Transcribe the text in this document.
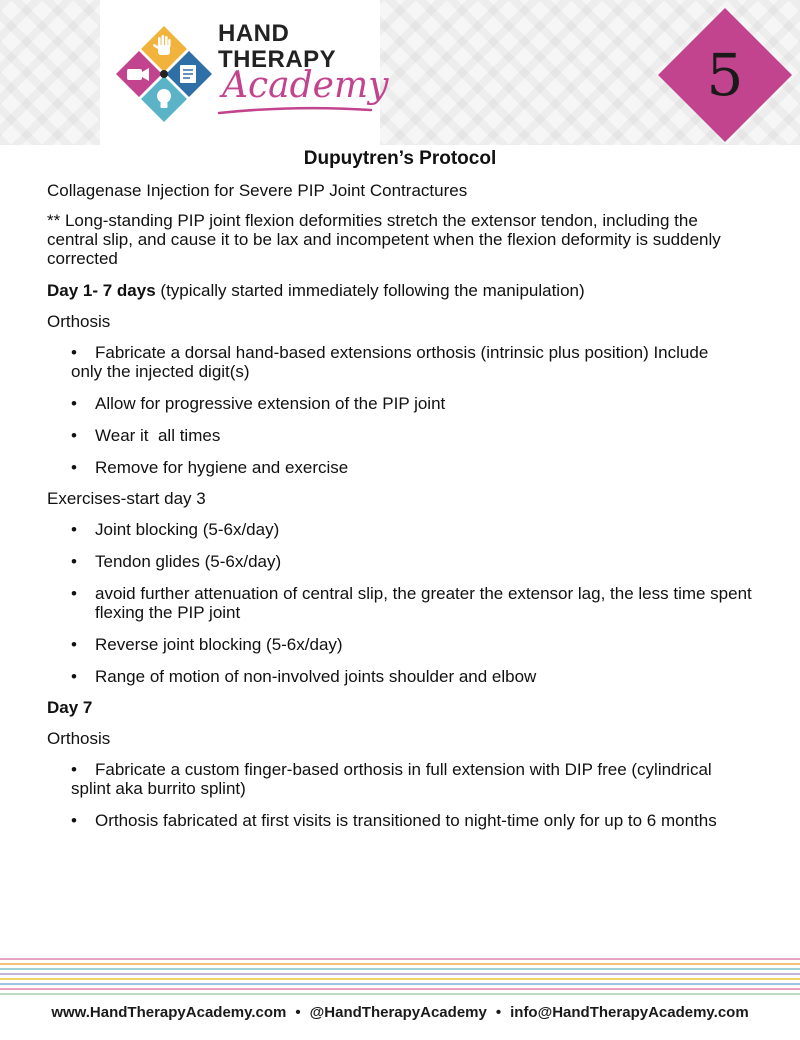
HAND
THERAPY
Academy	5
Dupuytren’s Protocol

Collagenase Injection for Severe PIP Joint Contractures

** Long-standing PIP joint flexion deformities stretch the extensor tendon, including the central slip, and cause it to be lax and incompetent when the flexion deformity is suddenly corrected

Day 1- 7 days (typically started immediately following the manipulation)

Orthosis

• Fabricate a dorsal hand-based extensions orthosis (intrinsic plus position) Include only the injected digit(s)

• Allow for progressive extension of the PIP joint

• Wear it  all times

• Remove for hygiene and exercise

Exercises-start day 3

• Joint blocking (5-6x/day)

• Tendon glides (5-6x/day)

• avoid further attenuation of central slip, the greater the extensor lag, the less time spent flexing the PIP joint

• Reverse joint blocking (5-6x/day)

• Range of motion of non-involved joints shoulder and elbow

Day 7

Orthosis

• Fabricate a custom finger-based orthosis in full extension with DIP free (cylindrical splint aka burrito splint)

• Orthosis fabricated at first visits is transitioned to night-time only for up to 6 months

www.HandTherapyAcademy.com • @HandTherapyAcademy • info@HandTherapyAcademy.com
